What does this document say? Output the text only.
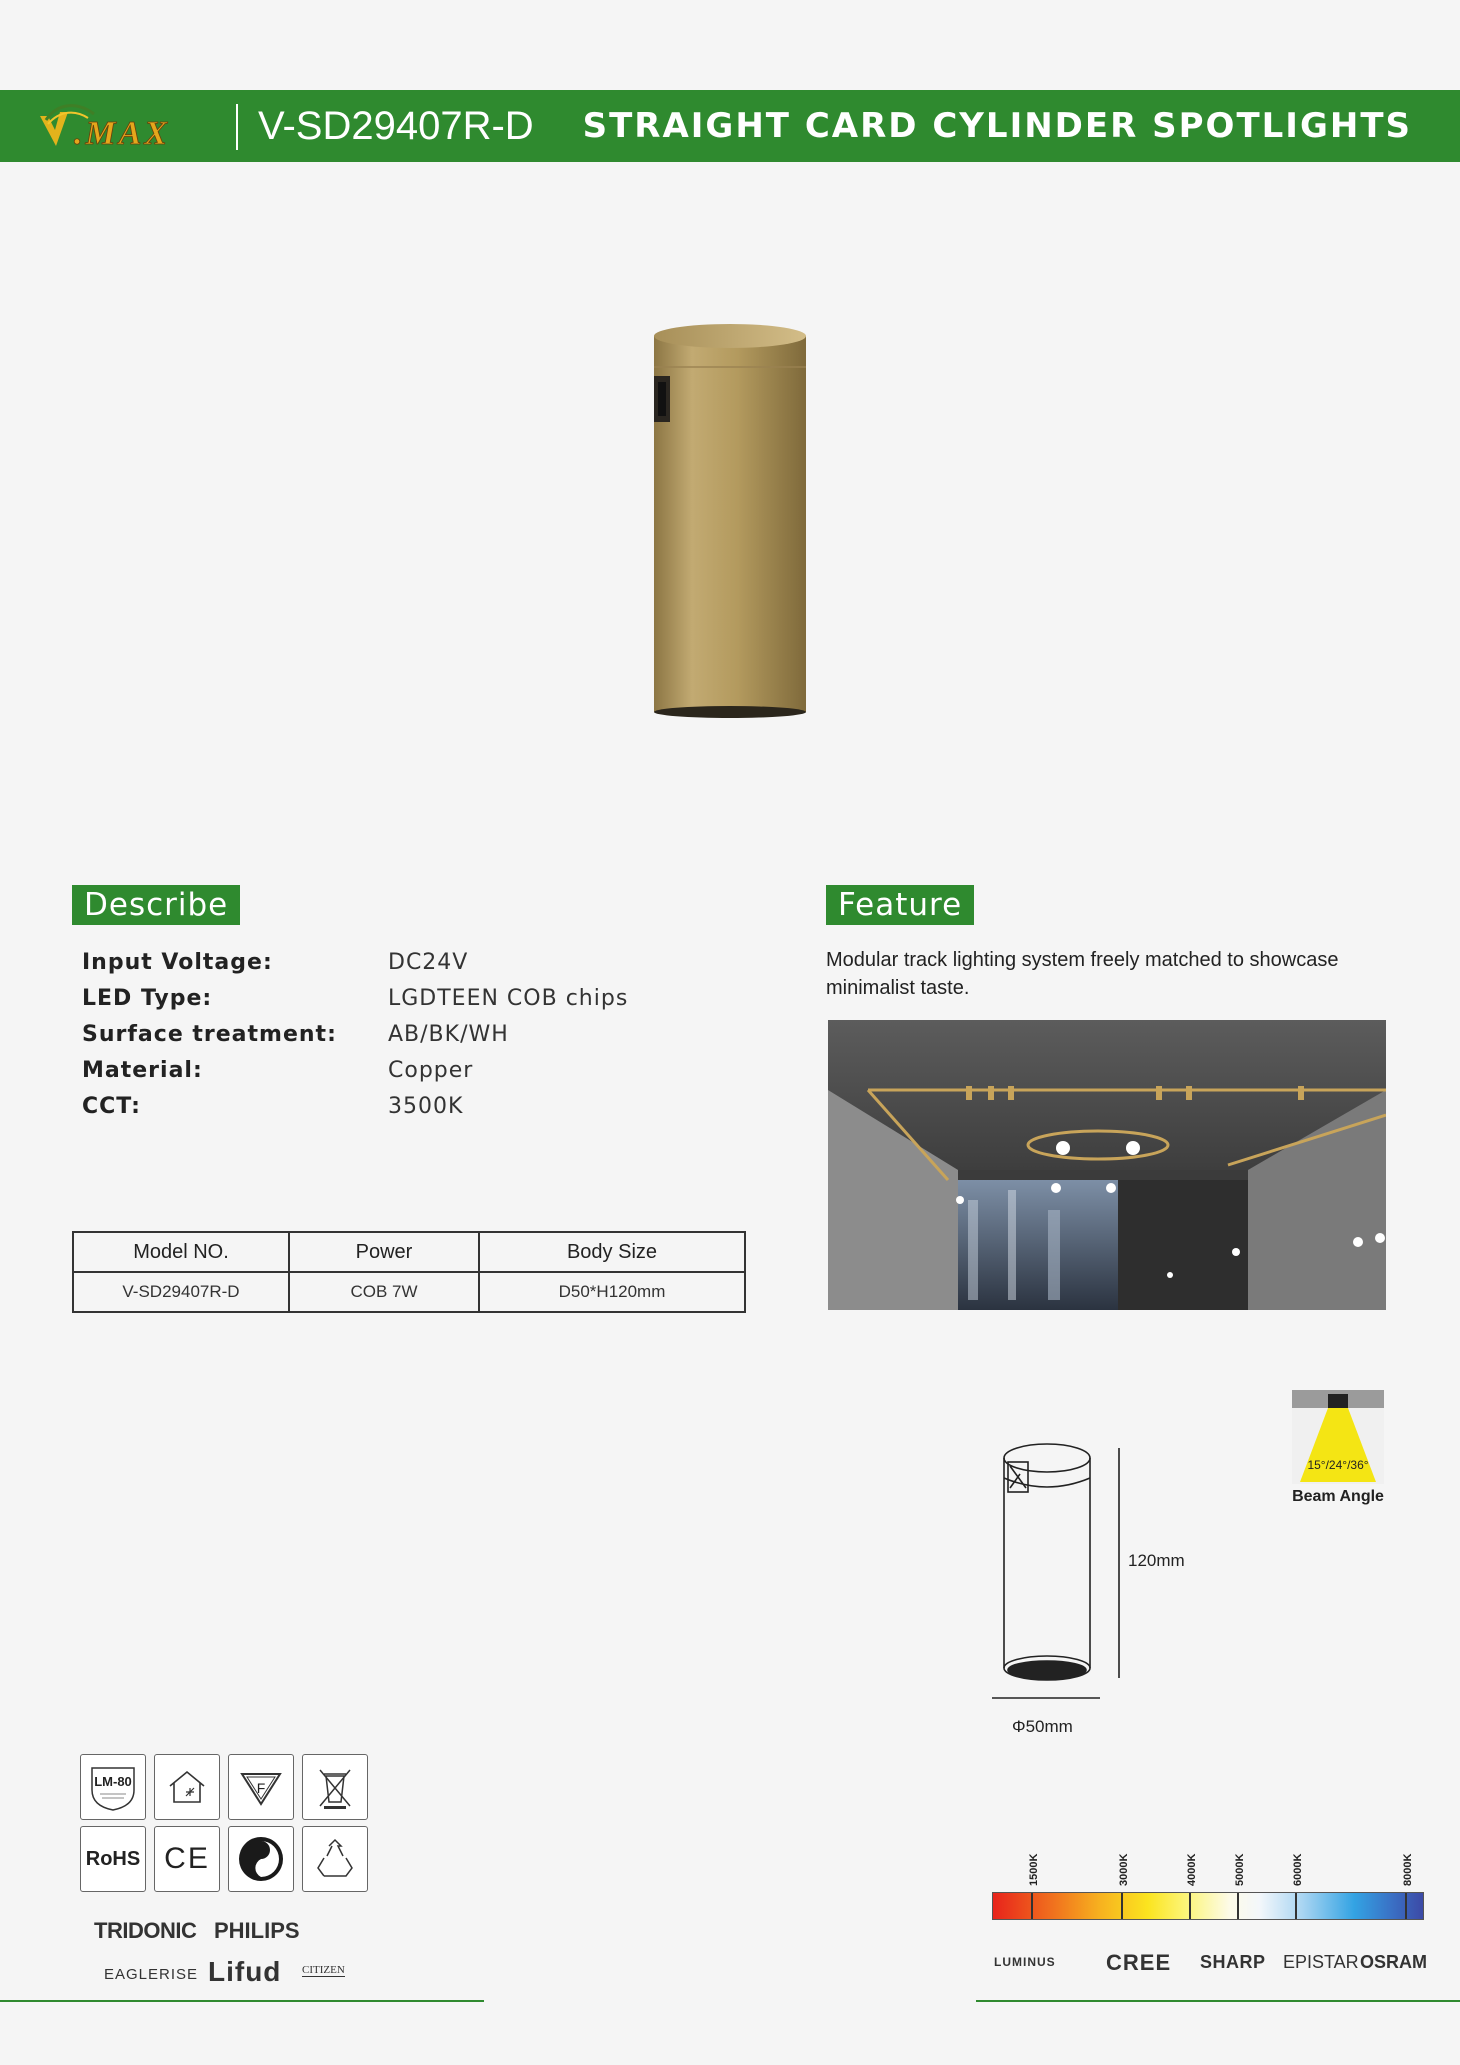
.MAX V-SD29407R-D STRAIGHT CARD CYLINDER SPOTLIGHTS
Describe
Input Voltage:	DC24V
LED Type:	LGDTEEN COB chips
Surface treatment:	AB/BK/WH
Material:	Copper
CCT:	3500K
Feature
Modular track lighting system freely matched to showcase minimalist taste.
Model NO.	Power	Body Size
V-SD29407R-D	COB 7W	D50*H120mm
120mm
Φ50mm
15°/24°/36°
Beam Angle
LM-80	F
RoHS CE
TRIDONIC PHILIPS
EAGLERISE Lifud CITIZEN
1500K	3000K	4000K	5000K	6000K	8000K
LUMINUS CREE SHARP EPISTAR OSRAM
